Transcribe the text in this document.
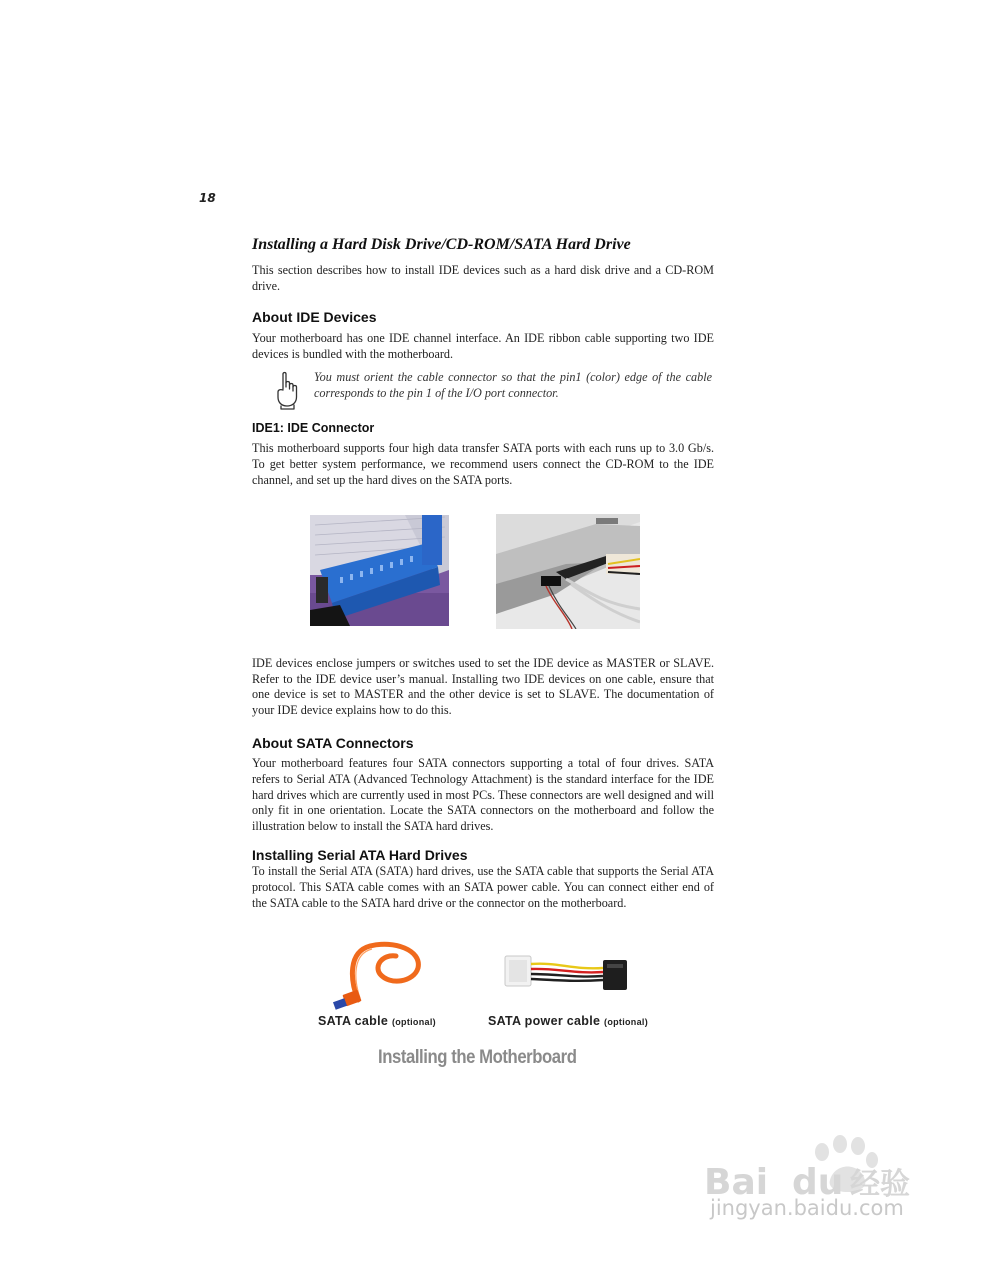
18
Installing a Hard Disk Drive/CD-ROM/SATA Hard Drive

This section describes how to install IDE devices such as a hard disk drive and a CD-ROM drive.

About IDE Devices

Your motherboard has one IDE channel interface. An IDE ribbon cable supporting two IDE devices is bundled with the motherboard.

You must orient the cable connector so that the pin1 (color) edge of the cable corresponds to the pin 1 of the I/O port connector.
IDE1: IDE Connector

This motherboard supports four high data transfer SATA ports with each runs up to 3.0 Gb/s. To get better system performance, we recommend users connect the CD-ROM to the IDE channel, and set up the hard dives on the SATA ports.

IDE devices enclose jumpers or switches used to set the IDE device as MASTER or SLAVE. Refer to the IDE device user’s manual. Installing two IDE devices on one cable, ensure that one device is set to MASTER and the other device is set to SLAVE. The documentation of your IDE device explains how to do this.

About SATA Connectors

Your motherboard features four SATA connectors supporting a total of four drives. SATA refers to Serial ATA (Advanced Technology Attachment) is the standard interface for the IDE hard drives which are currently used in most PCs. These connectors are well designed and will only fit in one orientation. Locate the SATA connectors on the motherboard and follow the illustration below to install the SATA hard drives.

Installing Serial ATA Hard Drives

To install the Serial ATA (SATA) hard drives, use the SATA cable that supports the Serial ATA protocol. This SATA cable comes with an SATA power cable. You can connect either end of the SATA cable to the SATA hard drive or the connector on the motherboard.

SATA cable (optional)	SATA power cable (optional)
Installing the Motherboard
Bai du 经验
jingyan.baidu.com
